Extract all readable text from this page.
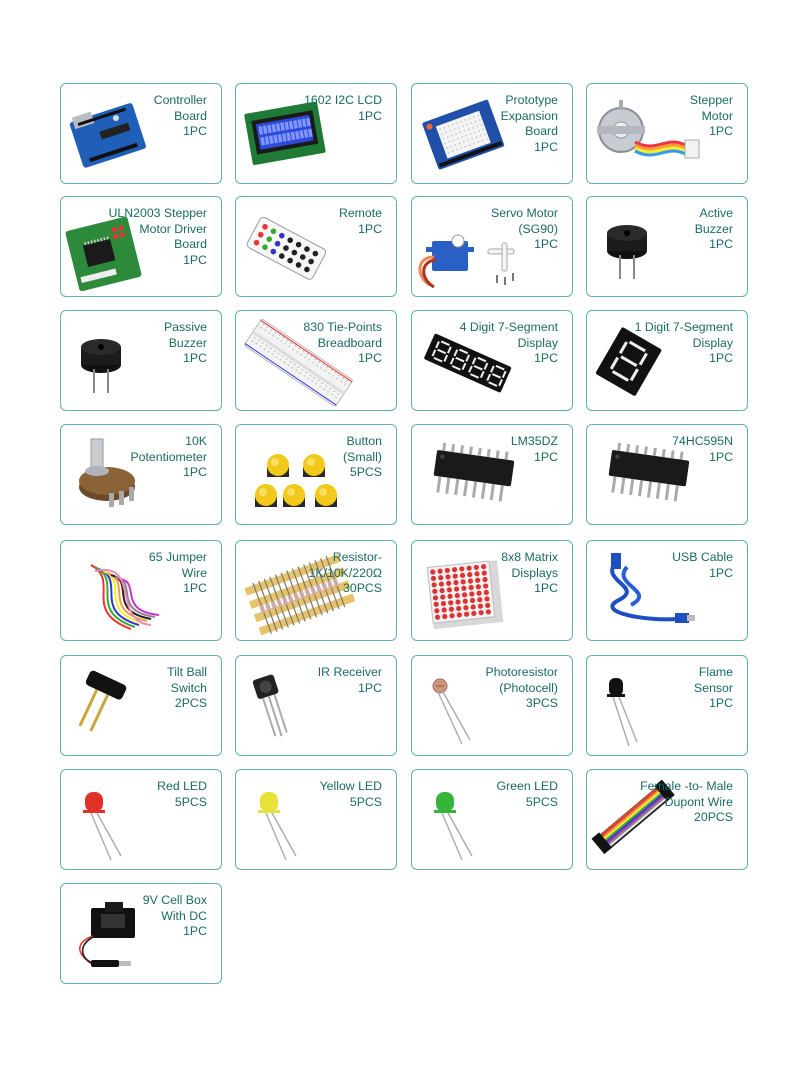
Controller
Board
1PC
1602 I2C LCD
1PC
Prototype
Expansion
Board
1PC
Stepper
Motor
1PC
ULN2003 Stepper
Motor Driver
Board
1PC
Remote
1PC
Servo Motor
(SG90)
1PC
Active
Buzzer
1PC
Passive
Buzzer
1PC
830 Tie-Points
Breadboard
1PC
4 Digit 7-Segment
Display
1PC
1 Digit 7-Segment
Display
1PC
10K
Potentiometer
1PC
Button
(Small)
5PCS
LM35DZ
1PC
74HC595N
1PC
65 Jumper
Wire
1PC
Resistor-
1K/10K/220Ω
30PCS
8x8 Matrix
Displays
1PC
USB Cable
1PC
Tilt Ball
Switch
2PCS
IR Receiver
1PC
Photoresistor
(Photocell)
3PCS
Flame
Sensor
1PC
Red LED
5PCS
Yellow LED
5PCS
Green LED
5PCS
Female -to- Male
Dupont Wire
20PCS
9V Cell Box
With DC
1PC
